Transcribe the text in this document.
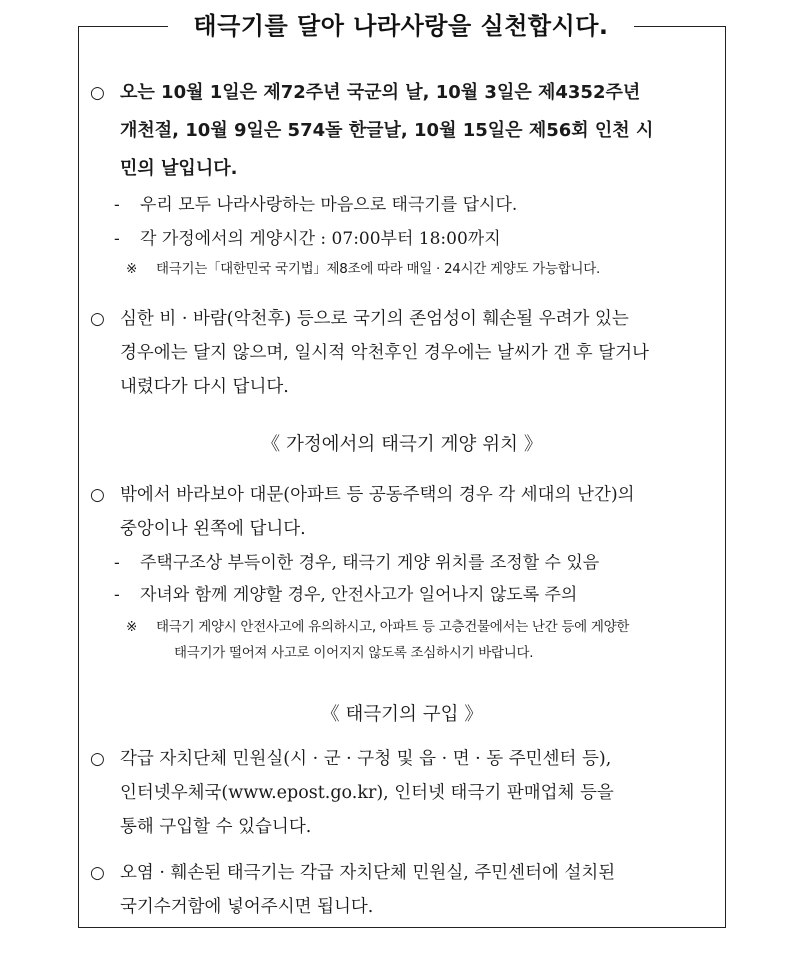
태극기를 달아 나라사랑을 실천합시다.
○ 오는 10월 1일은 제72주년 국군의 날, 10월 3일은 제4352주년
개천절, 10월 9일은 574돌 한글날, 10월 15일은 제56회 인천 시
민의 날입니다.
- 우리 모두 나라사랑하는 마음으로 태극기를 답시다.
- 각 가정에서의 게양시간 : 07:00부터 18:00까지
※	태극기는「대한민국 국기법」제8조에 따라 매일 · 24시간 게양도 가능합니다.
○ 심한 비 · 바람(악천후) 등으로 국기의 존엄성이 훼손될 우려가 있는
경우에는 달지 않으며, 일시적 악천후인 경우에는 날씨가 갠 후 달거나
내렸다가 다시 답니다.
《 가정에서의 태극기 게양 위치 》
○ 밖에서 바라보아 대문(아파트 등 공동주택의 경우 각 세대의 난간)의
중앙이나 왼쪽에 답니다.
- 주택구조상 부득이한 경우, 태극기 게양 위치를 조정할 수 있음
- 자녀와 함께 게양할 경우, 안전사고가 일어나지 않도록 주의
※	태극기 게양시 안전사고에 유의하시고, 아파트 등 고층건물에서는 난간 등에 게양한
태극기가 떨어져 사고로 이어지지 않도록 조심하시기 바랍니다.
《 태극기의 구입 》
○ 각급 자치단체 민원실(시 · 군 · 구청 및 읍 · 면 · 동 주민센터 등),
인터넷우체국(www.epost.go.kr), 인터넷 태극기 판매업체 등을
통해 구입할 수 있습니다.
○ 오염 · 훼손된 태극기는 각급 자치단체 민원실, 주민센터에 설치된
국기수거함에 넣어주시면 됩니다.
